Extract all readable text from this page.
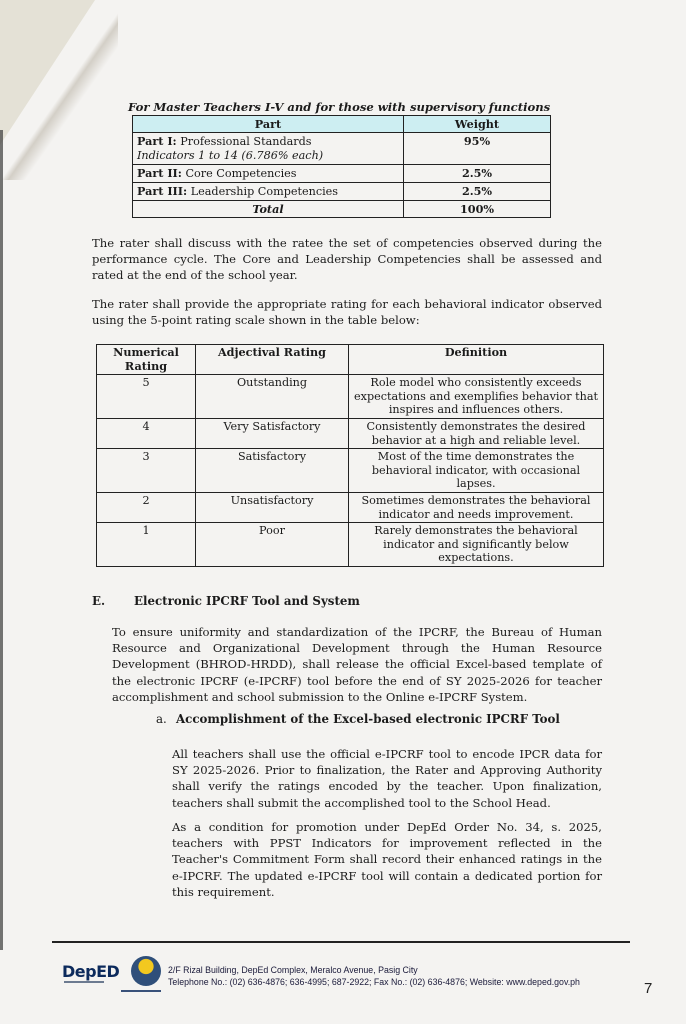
For Master Teachers I-V and for those with supervisory functions
Part	Weight
Part I: Professional Standards
Indicators 1 to 14 (6.786% each)	95%
Part II: Core Competencies	2.5%
Part III: Leadership Competencies	2.5%
Total	100%
The rater shall discuss with the ratee the set of competencies observed during the performance cycle. The Core and Leadership Competencies shall be assessed and rated at the end of the school year.
The rater shall provide the appropriate rating for each behavioral indicator observed using the 5-point rating scale shown in the table below:
Numerical Rating	Adjectival Rating	Definition
5	Outstanding	Role model who consistently exceeds expectations and exemplifies behavior that inspires and influences others.
4	Very Satisfactory	Consistently demonstrates the desired behavior at a high and reliable level.
3	Satisfactory	Most of the time demonstrates the behavioral indicator, with occasional lapses.
2	Unsatisfactory	Sometimes demonstrates the behavioral indicator and needs improvement.
1	Poor	Rarely demonstrates the behavioral indicator and significantly below expectations.
E. Electronic IPCRF Tool and System
To ensure uniformity and standardization of the IPCRF, the Bureau of Human Resource and Organizational Development through the Human Resource Development (BHROD-HRDD), shall release the official Excel-based template of the electronic IPCRF (e-IPCRF) tool before the end of SY 2025-2026 for teacher accomplishment and school submission to the Online e-IPCRF System.
a. Accomplishment of the Excel-based electronic IPCRF Tool
All teachers shall use the official e-IPCRF tool to encode IPCR data for SY 2025-2026. Prior to finalization, the Rater and Approving Authority shall verify the ratings encoded by the teacher. Upon finalization, teachers shall submit the accomplished tool to the School Head.
As a condition for promotion under DepEd Order No. 34, s. 2025, teachers with PPST Indicators for improvement reflected in the Teacher's Commitment Form shall record their enhanced ratings in the e-IPCRF. The updated e-IPCRF tool will contain a dedicated portion for this requirement.
DepED	2/F Rizal Building, DepEd Complex, Meralco Avenue, Pasig City
Telephone No.: (02) 636-4876; 636-4995; 687-2922; Fax No.: (02) 636-4876; Website: www.deped.gov.ph	7
